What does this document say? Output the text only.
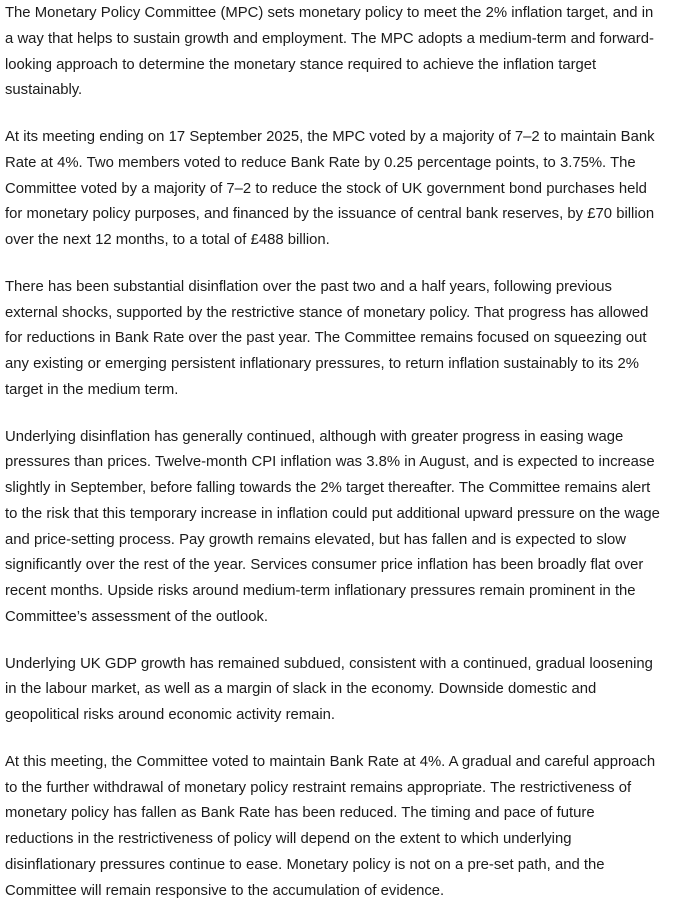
The Monetary Policy Committee (MPC) sets monetary policy to meet the 2% inflation target, and in a way that helps to sustain growth and employment. The MPC adopts a medium-term and forward-looking approach to determine the monetary stance required to achieve the inflation target sustainably.

At its meeting ending on 17 September 2025, the MPC voted by a majority of 7–2 to maintain Bank Rate at 4%. Two members voted to reduce Bank Rate by 0.25 percentage points, to 3.75%. The Committee voted by a majority of 7–2 to reduce the stock of UK government bond purchases held for monetary policy purposes, and financed by the issuance of central bank reserves, by £70 billion over the next 12 months, to a total of £488 billion.

There has been substantial disinflation over the past two and a half years, following previous external shocks, supported by the restrictive stance of monetary policy. That progress has allowed for reductions in Bank Rate over the past year. The Committee remains focused on squeezing out any existing or emerging persistent inflationary pressures, to return inflation sustainably to its 2% target in the medium term.

Underlying disinflation has generally continued, although with greater progress in easing wage pressures than prices. Twelve-month CPI inflation was 3.8% in August, and is expected to increase slightly in September, before falling towards the 2% target thereafter. The Committee remains alert to the risk that this temporary increase in inflation could put additional upward pressure on the wage and price-setting process. Pay growth remains elevated, but has fallen and is expected to slow significantly over the rest of the year. Services consumer price inflation has been broadly flat over recent months. Upside risks around medium-term inflationary pressures remain prominent in the Committee’s assessment of the outlook.

Underlying UK GDP growth has remained subdued, consistent with a continued, gradual loosening in the labour market, as well as a margin of slack in the economy. Downside domestic and geopolitical risks around economic activity remain.

At this meeting, the Committee voted to maintain Bank Rate at 4%. A gradual and careful approach to the further withdrawal of monetary policy restraint remains appropriate. The restrictiveness of monetary policy has fallen as Bank Rate has been reduced. The timing and pace of future reductions in the restrictiveness of policy will depend on the extent to which underlying disinflationary pressures continue to ease. Monetary policy is not on a pre-set path, and the Committee will remain responsive to the accumulation of evidence.
